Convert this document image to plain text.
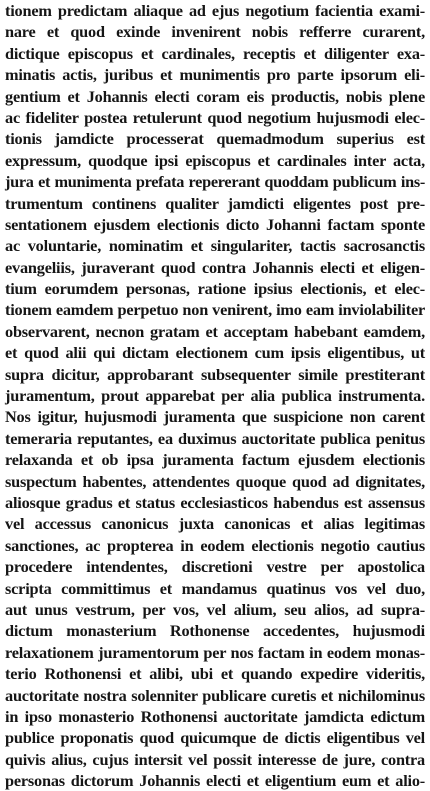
tionem predictam aliaque ad ejus negotium facientia exami-
nare et quod exinde invenirent nobis refferre curarent,
dictique episcopus et cardinales, receptis et diligenter exa-
minatis actis, juribus et munimentis pro parte ipsorum eli-
gentium et Johannis electi coram eis productis, nobis plene
ac fideliter postea retulerunt quod negotium hujusmodi elec-
tionis jamdicte processerat quemadmodum superius est
expressum, quodque ipsi episcopus et cardinales inter acta,
jura et munimenta prefata repererant quoddam publicum ins-
trumentum continens qualiter jamdicti eligentes post pre-
sentationem ejusdem electionis dicto Johanni factam sponte
ac voluntarie, nominatim et singulariter, tactis sacrosanctis
evangeliis, juraverant quod contra Johannis electi et eligen-
tium eorumdem personas, ratione ipsius electionis, et elec-
tionem eamdem perpetuo non venirent, imo eam inviolabiliter
observarent, necnon gratam et acceptam habebant eamdem,
et quod alii qui dictam electionem cum ipsis eligentibus, ut
supra dicitur, approbarant subsequenter simile prestiterant
juramentum, prout apparebat per alia publica instrumenta.
Nos igitur, hujusmodi juramenta que suspicione non carent
temeraria reputantes, ea duximus auctoritate publica penitus
relaxanda et ob ipsa juramenta factum ejusdem electionis
suspectum habentes, attendentes quoque quod ad dignitates,
aliosque gradus et status ecclesiasticos habendus est assensus
vel accessus canonicus juxta canonicas et alias legitimas
sanctiones, ac propterea in eodem electionis negotio cautius
procedere intendentes, discretioni vestre per apostolica
scripta committimus et mandamus quatinus vos vel duo,
aut unus vestrum, per vos, vel alium, seu alios, ad supra-
dictum monasterium Rothonense accedentes, hujusmodi
relaxationem juramentorum per nos factam in eodem monas-
terio Rothonensi et alibi, ubi et quando expedire videritis,
auctoritate nostra solenniter publicare curetis et nichilominus
in ipso monasterio Rothonensi auctoritate jamdicta edictum
publice proponatis quod quicumque de dictis eligentibus vel
quivis alius, cujus intersit vel possit interesse de jure, contra
personas dictorum Johannis electi et eligentium eum et alio-
